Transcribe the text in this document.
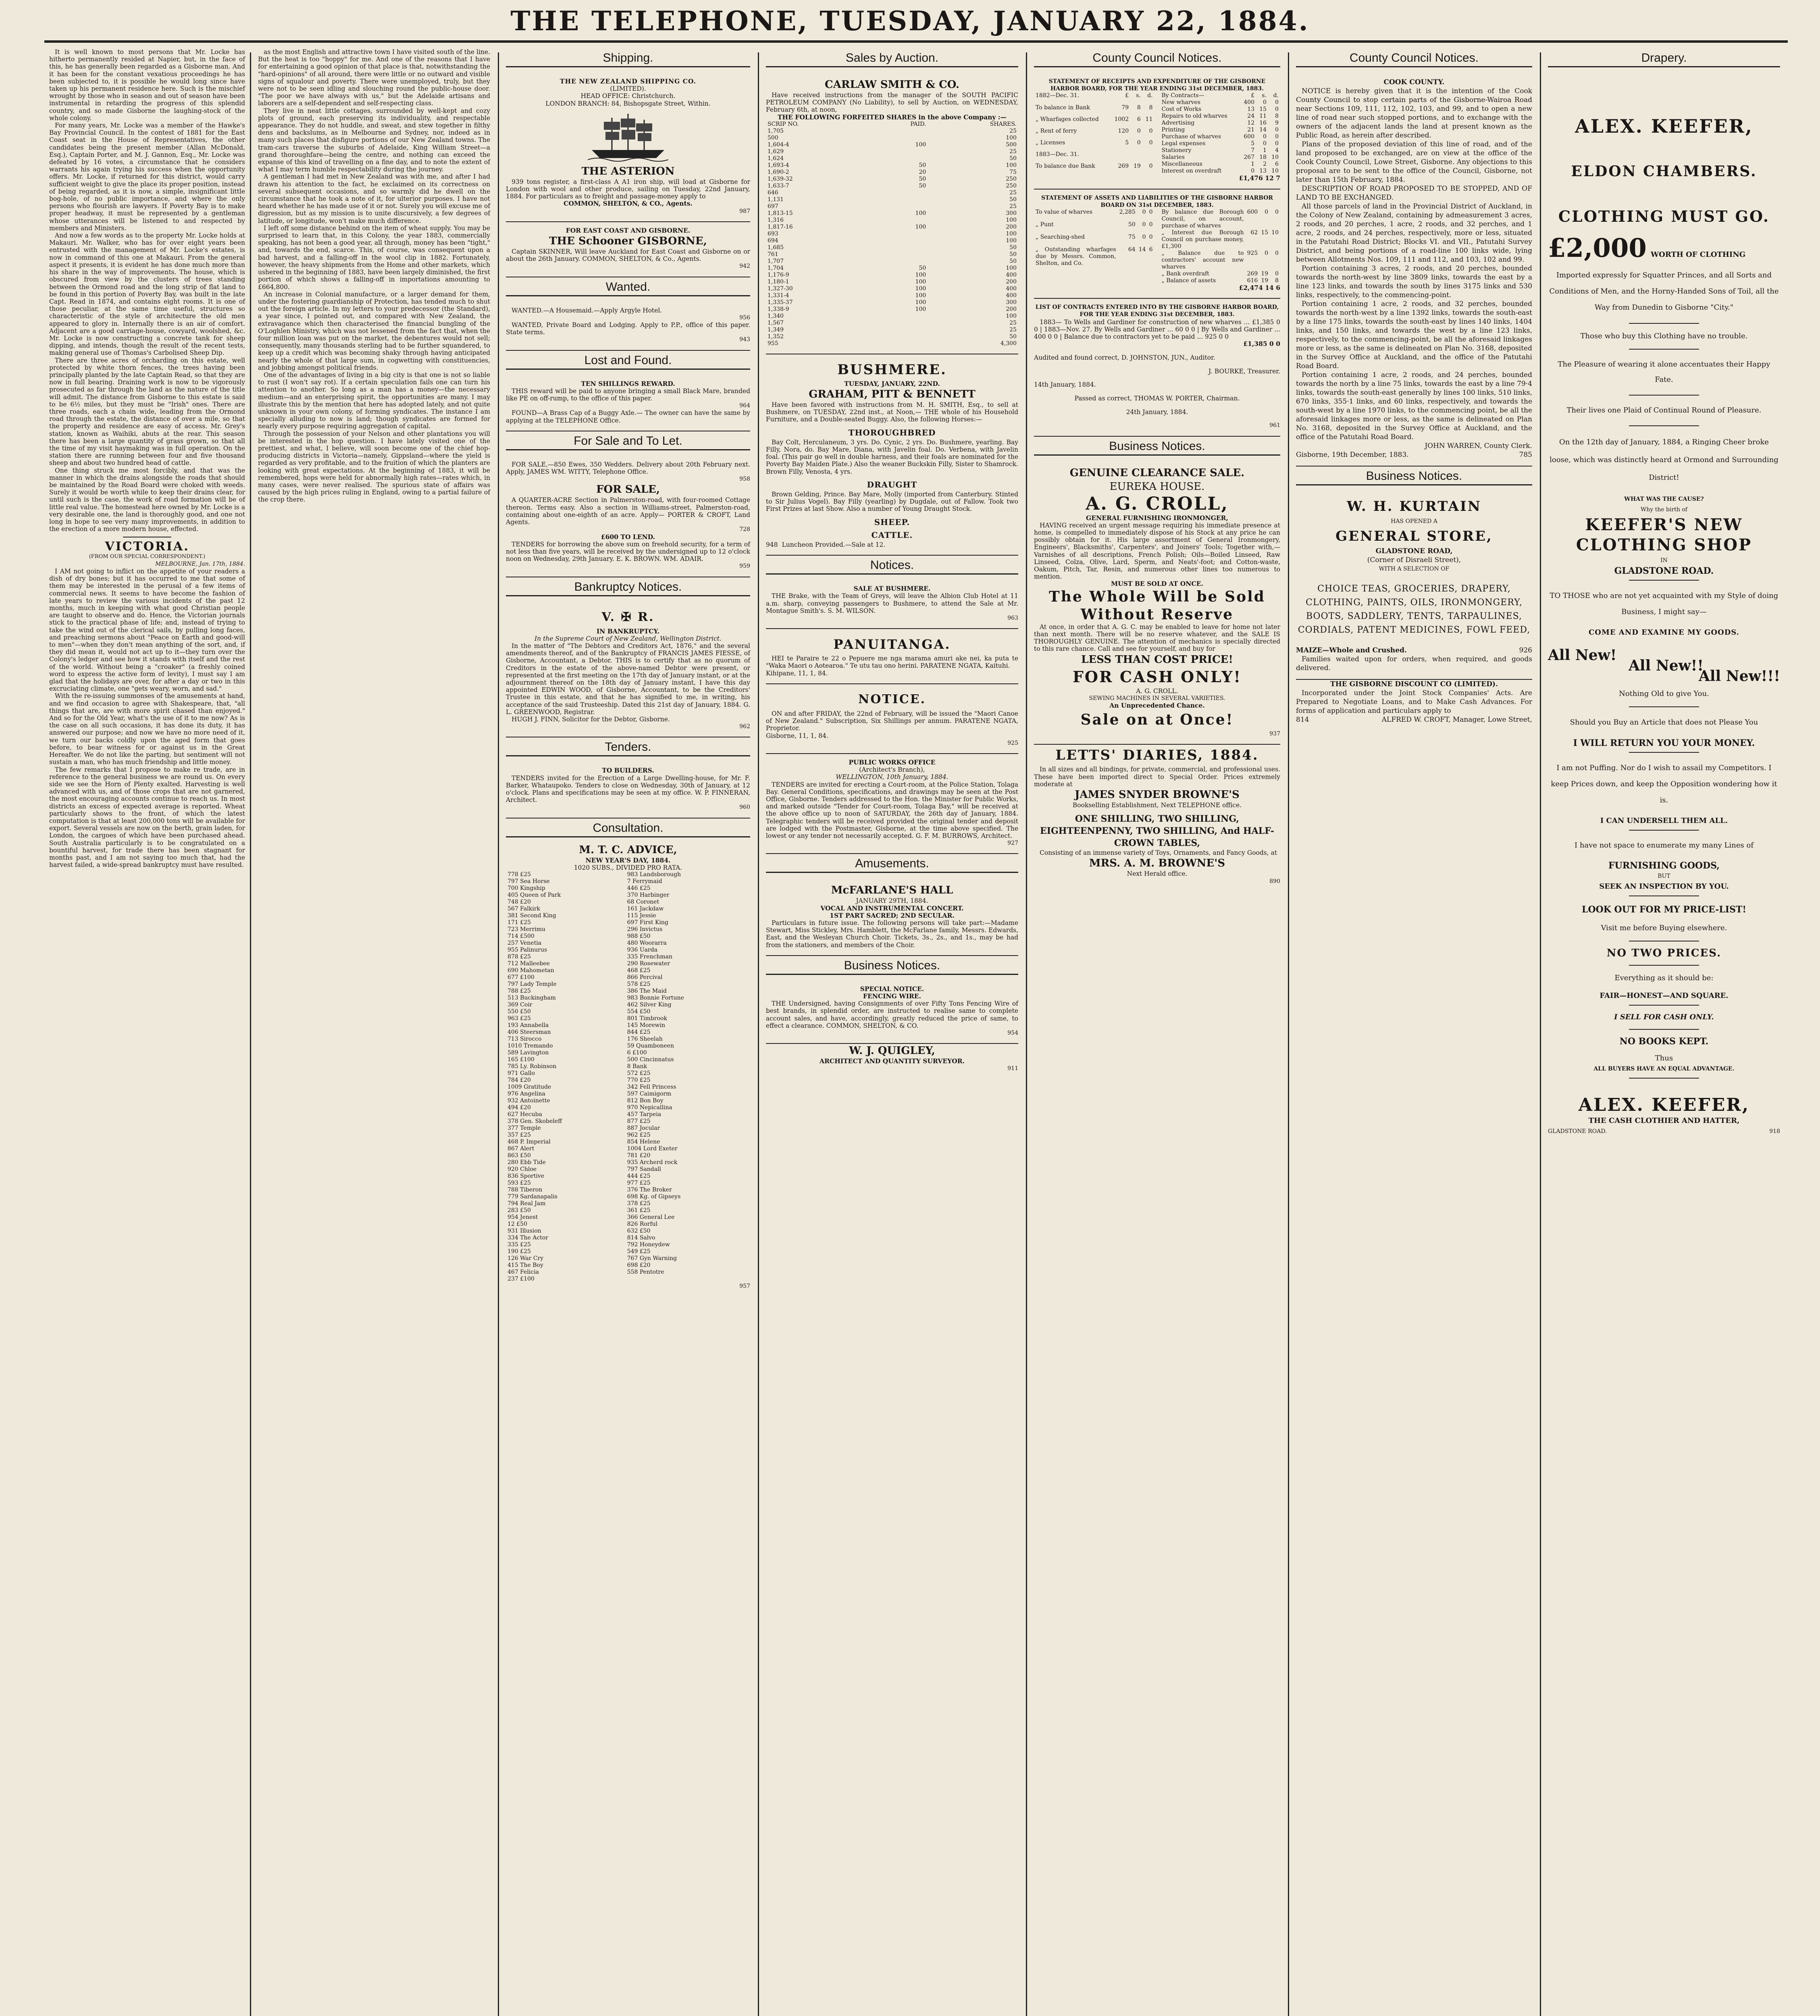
THE TELEPHONE, TUESDAY, JANUARY 22, 1884.

It is well known to most persons that Mr. Locke has hitherto permanently resided at Napier, but, in the face of this, he has generally been regarded as a Gisborne man. And it has been for the constant vexatious proceedings he has been subjected to, it is possible he would long since have taken up his permanent residence here. Such is the mischief wrought by those who in season and out of season have been instrumental in retarding the progress of this splendid country, and so made Gisborne the laughing-stock of the whole colony.

For many years, Mr. Locke was a member of the Hawke's Bay Provincial Council. In the contest of 1881 for the East Coast seat in the House of Representatives, the other candidates being the present member (Allan McDonald, Esq.), Captain Porter, and M. J. Gannon, Esq., Mr. Locke was defeated by 16 votes, a circumstance that he considers warrants his again trying his success when the opportunity offers. Mr. Locke, if returned for this district, would carry sufficient weight to give the place its proper position, instead of being regarded, as it is now, a simple, insignificant little bog-hole, of no public importance, and where the only persons who flourish are lawyers. If Poverty Bay is to make proper headway, it must be represented by a gentleman whose utterances will be listened to and respected by members and Ministers.

And now a few words as to the property Mr. Locke holds at Makauri. Mr. Walker, who has for over eight years been entrusted with the management of Mr. Locke's estates, is now in command of this one at Makauri. From the general aspect it presents, it is evident he has done much more than his share in the way of improvements. The house, which is obscured from view by the clusters of trees standing between the Ormond road and the long strip of flat land to be found in this portion of Poverty Bay, was built in the late Capt. Read in 1874, and contains eight rooms. It is one of those peculiar, at the same time useful, structures so characteristic of the style of architecture the old men appeared to glory in. Internally there is an air of comfort. Adjacent are a good carriage-house, cowyard, woolshed, &c. Mr. Locke is now constructing a concrete tank for sheep dipping, and intends, though the result of the recent tests, making general use of Thomas's Carbolised Sheep Dip.

There are three acres of orcharding on this estate, well protected by white thorn fences, the trees having been principally planted by the late Captain Read, so that they are now in full bearing. Draining work is now to be vigorously prosecuted as far through the land as the nature of the title will admit. The distance from Gisborne to this estate is said to be 6½ miles, but they must be "Irish" ones. There are three roads, each a chain wide, leading from the Ormond road through the estate, the distance of over a mile, so that the property and residence are easy of access. Mr. Grey's station, known as Waihiki, abuts at the rear. This season there has been a large quantity of grass grown, so that all the time of my visit haymaking was in full operation. On the station there are running between four and five thousand sheep and about two hundred head of cattle.

One thing struck me most forcibly, and that was the manner in which the drains alongside the roads that should be maintained by the Road Board were choked with weeds. Surely it would be worth while to keep their drains clear, for until such is the case, the work of road formation will be of little real value. The homestead here owned by Mr. Locke is a very desirable one, the land is thoroughly good, and one not long in hope to see very many improvements, in addition to the erection of a more modern house, effected.

VICTORIA.
(FROM OUR SPECIAL CORRESPONDENT.)
MELBOURNE, Jan. 17th, 1884.

I AM not going to inflict on the appetite of your readers a dish of dry bones; but it has occurred to me that some of them may be interested in the perusal of a few items of commercial news. It seems to have become the fashion of late years to review the various incidents of the past 12 months, much in keeping with what good Christian people are taught to observe and do. Hence, the Victorian journals stick to the practical phase of life; and, instead of trying to take the wind out of the clerical sails, by pulling long faces, and preaching sermons about "Peace on Earth and good-will to men"—when they don't mean anything of the sort, and, if they did mean it, would not act up to it—they turn over the Colony's ledger and see how it stands with itself and the rest of the world. Without being a "croaker" (a freshly coined word to express the active form of levity), I must say I am glad that the holidays are over, for after a day or two in this excruciating climate, one "gets weary, worn, and sad."

With the re-issuing summonses of the amusements at hand, and we find occasion to agree with Shakespeare, that, "all things that are, are with more spirit chased than enjoyed." And so for the Old Year, what's the use of it to me now? As is the case on all such occasions, it has done its duty, it has answered our purpose; and now we have no more need of it, we turn our backs coldly upon the aged form that goes before, to bear witness for or against us in the Great Hereafter. We do not like the parting, but sentiment will not sustain a man, who has much friendship and little money.

The few remarks that I propose to make re trade, are in reference to the general business we are round us. On every side we see the Horn of Plenty exalted. Harvesting is well advanced with us, and of those crops that are not garnered, the most encouraging accounts continue to reach us. In most districts an excess of expected average is reported. Wheat particularly shows to the front, of which the latest computation is that at least 200,000 tons will be available for export. Several vessels are now on the berth, grain laden, for London, the cargoes of which have been purchased ahead. South Australia particularly is to be congratulated on a bountiful harvest, for trade there has been stagnant for months past, and I am not saying too much that, had the harvest failed, a wide-spread bankruptcy must have resulted.

as the most English and attractive town I have visited south of the line. But the heat is too "hoppy" for me. And one of the reasons that I have for entertaining a good opinion of that place is that, notwithstanding the "hard-opinions" of all around, there were little or no outward and visible signs of squalour and poverty. There were unemployed, truly, but they were not to be seen idling and slouching round the public-house door. "The poor we have always with us," but the Adelaide artisans and laborers are a self-dependent and self-respecting class.

They live in neat little cottages, surrounded by well-kept and cozy plots of ground, each preserving its individuality, and respectable appearance. They do not huddle, and sweat, and stew together in filthy dens and backslums, as in Melbourne and Sydney, nor, indeed as in many such places that disfigure portions of our New Zealand towns. The tram-cars traverse the suburbs of Adelaide, King William Street—a grand thoroughfare—being the centre, and nothing can exceed the expanse of this kind of travelling on a fine day, and to note the extent of what I may term humble respectability during the journey.

A gentleman I had met in New Zealand was with me, and after I had drawn his attention to the fact, he exclaimed on its correctness on several subsequent occasions, and so warmly did he dwell on the circumstance that he took a note of it, for ulterior purposes. I have not heard whether he has made use of it or not. Surely you will excuse me of digression, but as my mission is to unite discursively, a few degrees of latitude, or longitude, won't make much difference.

I left off some distance behind on the item of wheat supply. You may be surprised to learn that, in this Colony, the year 1883, commercially speaking, has not been a good year, all through, money has been "tight," and, towards the end, scarce. This, of course, was consequent upon a bad harvest, and a falling-off in the wool clip in 1882. Fortunately, however, the heavy shipments from the Home and other markets, which ushered in the beginning of 1883, have been largely diminished, the first portion of which shows a falling-off in importations amounting to £664,800.

An increase in Colonial manufacture, or a larger demand for them, under the fostering guardianship of Protection, has tended much to shut out the foreign article. In my letters to your predecessor (the Standard), a year since, I pointed out, and compared with New Zealand, the extravagance which then characterised the financial bungling of the O'Loghlen Ministry, which was not lessened from the fact that, when the four million loan was put on the market, the debentures would not sell; consequently, many thousands sterling had to be further squandered, to keep up a credit which was becoming shaky through having anticipated nearly the whole of that large sum, in cogwetting with constituencies, and jobbing amongst political friends.

One of the advantages of living in a big city is that one is not so liable to rust (I won't say rot). If a certain speculation fails one can turn his attention to another. So long as a man has a money—the necessary medium—and an enterprising spirit, the opportunities are many. I may illustrate this by the mention that here has adopted lately, and not quite unknown in your own colony, of forming syndicates. The instance I am specially alluding to now is land; though syndicates are formed for nearly every purpose requiring aggregation of capital.

Through the possession of your Nelson and other plantations you will be interested in the hop question. I have lately visited one of the prettiest, and what, I believe, will soon become one of the chief hop-producing districts in Victoria—namely, Gippsland—where the yield is regarded as very profitable, and to the fruition of which the planters are looking with great expectations. At the beginning of 1883, it will be remembered, hops were held for abnormally high rates—rates which, in many cases, were never realised. The spurious state of affairs was caused by the high prices ruling in England, owing to a partial failure of the crop there.

Shipping.
THE NEW ZEALAND SHIPPING CO.
(LIMITED).
HEAD OFFICE: Christchurch.
LONDON BRANCH: 84, Bishopsgate Street, Within.
THE ASTERION

939 tons register, a first-class A A1 iron ship, will load at Gisborne for London with wool and other produce, sailing on Tuesday, 22nd January, 1884. For particulars as to freight and passage-money apply to

COMMON, SHELTON, & CO., Agents.
987
FOR EAST COAST AND GISBORNE.
THE Schooner GISBORNE,

Captain SKINNER, Will leave Auckland for East Coast and Gisborne on or about the 26th January. COMMON, SHELTON, & Co., Agents.

942
Wanted.

WANTED.—A Housemaid.—Apply Argyle Hotel.

956

WANTED, Private Board and Lodging. Apply to P.P., office of this paper. State terms.

943
Lost and Found.
TEN SHILLINGS REWARD.

THIS reward will be paid to anyone bringing a small Black Mare, branded like PE on off-rump, to the office of this paper.

964

FOUND—A Brass Cap of a Buggy Axle.— The owner can have the same by applying at the TELEPHONE Office.

For Sale and To Let.

FOR SALE,—850 Ewes, 350 Wedders. Delivery about 20th February next. Apply, JAMES WM. WITTY, Telephone Office.

958
FOR SALE,

A QUARTER-ACRE Section in Palmerston-road, with four-roomed Cottage thereon. Terms easy. Also a section in Williams-street, Palmerston-road, containing about one-eighth of an acre. Apply— PORTER & CROFT, Land Agents.

728
£600 TO LEND.

TENDERS for borrowing the above sum on freehold security, for a term of not less than five years, will be received by the undersigned up to 12 o'clock noon on Wednesday, 29th January. E. K. BROWN. WM. ADAIR.

959
Bankruptcy Notices.
V. ✠ R.
IN BANKRUPTCY.
In the Supreme Court of New Zealand, Wellington District.

In the matter of "The Debtors and Creditors Act, 1876," and the several amendments thereof, and of the Bankruptcy of FRANCIS JAMES FIESSE, of Gisborne, Accountant, a Debtor. THIS is to certify that as no quorum of Creditors in the estate of the above-named Debtor were present, or represented at the first meeting on the 17th day of January instant, or at the adjournment thereof on the 18th day of January instant, I have this day appointed EDWIN WOOD, of Gisborne, Accountant, to be the Creditors' Trustee in this estate, and that he has signified to me, in writing, his acceptance of the said Trusteeship. Dated this 21st day of January, 1884. G. L. GREENWOOD, Registrar.

HUGH J. FINN, Solicitor for the Debtor, Gisborne.

962
Tenders.
TO BUILDERS.

TENDERS invited for the Erection of a Large Dwelling-house, for Mr. F. Barker, Whataupoko. Tenders to close on Wednesday, 30th of January, at 12 o'clock. Plans and specifications may be seen at my office. W. P. FINNERAN, Architect.

960
Consultation.
M. T. C. ADVICE,
NEW YEAR'S DAY, 1884.
1020 SUBS., DIVIDED PRO RATA.
778 £25	983 Landsborough
797 Sea Horse	7 Ferrymaid
700 Kingship	446 £25
405 Queen of Park	370 Harbinger
748 £20	68 Coronet
567 Falkirk	161 Jackdaw
381 Second King	115 Jessie
171 £25	697 First King
723 Merrimu	296 Invictus
714 £500	988 £50
257 Venetia	480 Woorarra
955 Palinurus	936 Uarda
878 £25	335 Frenchman
712 Malleebee	290 Rosewater
690 Mahometan	468 £25
677 £100	866 Percival
797 Lady Temple	578 £25
788 £25	386 The Maid
513 Buckingham	983 Bonnie Fortune
369 Coir	462 Silver King
550 £50	554 £50
963 £25	801 Timbrook
193 Annabella	145 Morewin
406 Steersman	844 £25
713 Sirocco	176 Sheelah
1010 Tremando	59 Quamboneen
589 Lavington	6 £100
165 £100	500 Cincinnatus
785 Ly. Robinson	8 Bank
971 Gallo	572 £25
784 £20	770 £25
1009 Gratitude	342 Fell Princess
976 Angelina	597 Caimigorm
932 Antoinette	812 Bon Boy
494 £20	970 Nepicallina
627 Hecuba	457 Tarpeia
378 Gen. Skobeleff	877 £25
377 Temple	887 Jocular
357 £25	962 £25
468 P. Imperial	854 Helene
867 Alert	1004 Lord Exeter
863 £50	781 £20
280 Ebb Tide	935 Archerd rock
920 Chloe	797 Sandall
836 Sportive	444 £25
593 £25	977 £25
788 Tiberon	376 The Broker
779 Sardanapalis	698 Kg. of Gipseys
794 Real Jam	378 £25
283 £50	361 £25
954 Jenest	366 General Lee
12 £50	826 Rorful
931 Illusion	632 £50
334 The Actor	814 Salvo
335 £25	792 Honeydew
190 £25	549 £25
126 War Cry	767 Gyn Warning
415 The Boy	698 £20
467 Felicia	558 Pentotre
237 £100	
957
Sales by Auction.
CARLAW SMITH & CO.

Have received instructions from the manager of the SOUTH PACIFIC PETROLEUM COMPANY (No Liability), to sell by Auction, on WEDNESDAY, February 6th, at noon,

THE FOLLOWING FORFEITED SHARES in the above Company :—
SCRIP NO.	PAID.	SHARES.
1,705		25
500		100
1,604-4	100	500
1,629		25
1,624		50
1,693-4	50	100
1,690-2	20	75
1,639-32	50	250
1,633-7	50	250
646		25
1,131		50
697		25
1,813-15	100	300
1,316		100
1,817-16	100	200
693		100
694		100
1,685		50
761		50
1,707		50
1,704	50	100
1,176-9	100	400
1,180-1	100	200
1,327-30	100	400
1,331-4	100	400
1,335-37	100	300
1,338-9	100	200
1,340		100
1,567		25
1,349		25
1,352		50
955		4,300
BUSHMERE.
TUESDAY, JANUARY, 22ND.
GRAHAM, PITT & BENNETT

Have been favored with instructions from M. H. SMITH, Esq., to sell at Bushmere, on TUESDAY, 22nd inst., at Noon,— THE whole of his Household Furniture, and a Double-seated Buggy. Also, the following Horses:—

THOROUGHBRED

Bay Colt, Herculaneum, 3 yrs. Do. Cynic, 2 yrs. Do. Bushmere, yearling. Bay Filly, Nora, do. Bay Mare, Diana, with Javelin foal. Do. Verbena, with Javelin foal. (This pair go well in double harness, and their foals are nominated for the Poverty Bay Maiden Plate.) Also the weaner Buckskin Filly, Sister to Shamrock. Brown Filly, Venosta, 4 yrs.

DRAUGHT

Brown Gelding, Prince. Bay Mare, Molly (imported from Canterbury. Stinted to Sir Julius Vogel). Bay Filly (yearling) by Dugdale, out of Fallow. Took two First Prizes at last Show. Also a number of Young Draught Stock.

SHEEP.
CATTLE.
948 Luncheon Provided.—Sale at 12.
Notices.
SALE AT BUSHMERE.

THE Brake, with the Team of Greys, will leave the Albion Club Hotel at 11 a.m. sharp, conveying passengers to Bushmere, to attend the Sale at Mr. Montague Smith's. S. M. WILSON.

963
PANUITANGA.

HEI te Paraire te 22 o Pepuere me nga marama amuri ake nei, ka puta te "Waka Maori o Aotearoa." Te utu tau ono herini. PARATENE NGATA, Kaituhi.

Kihipane, 11, 1, 84.
NOTICE.

ON and after FRIDAY, the 22nd of February, will be issued the "Maori Canoe of New Zealand." Subscription, Six Shillings per annum. PARATENE NGATA, Proprietor.

Gisborne, 11, 1, 84.
925
PUBLIC WORKS OFFICE
(Architect's Branch),
WELLINGTON, 10th January, 1884.

TENDERS are invited for erecting a Court-room, at the Police Station, Tolaga Bay. General Conditions, specifications, and drawings may be seen at the Post Office, Gisborne. Tenders addressed to the Hon. the Minister for Public Works, and marked outside "Tender for Court-room, Tolaga Bay," will be received at the above office up to noon of SATURDAY, the 26th day of January, 1884. Telegraphic tenders will be received provided the original tender and deposit are lodged with the Postmaster, Gisborne, at the time above specified. The lowest or any tender not necessarily accepted. G. F. M. BURROWS, Architect.

927
Amusements.
McFARLANE'S HALL
JANUARY 29TH, 1884.
VOCAL AND INSTRUMENTAL CONCERT.
1ST PART SACRED; 2ND SECULAR.

Particulars in future issue. The following persons will take part:—Madame Stewart, Miss Stickley, Mrs. Hamblett, the McFarlane family, Messrs. Edwards, East, and the Wesleyan Church Choir. Tickets, 3s., 2s., and 1s., may be had from the stationers, and members of the Choir.

Business Notices.
SPECIAL NOTICE.
FENCING WIRE.

THE Undersigned, having Consignments of over Fifty Tons Fencing Wire of best brands, in splendid order, are instructed to realise same to complete account sales, and have, accordingly, greatly reduced the price of same, to effect a clearance. COMMON, SHELTON, & CO.

954
W. J. QUIGLEY,
ARCHITECT AND QUANTITY SURVEYOR.
911
County Council Notices.
STATEMENT OF RECEIPTS AND EXPENDITURE OF THE GISBORNE HARBOR BOARD, FOR THE YEAR ENDING 31st DECEMBER, 1883.
1882—Dec. 31.	£	s.	d.
To balance in Bank	79	8	8
„ Wharfages collected	1002	6	11
„ Rent of ferry	120	0	0
„ Licenses	5	0	0
1883—Dec. 31.			
To balance due Bank	269	19	0
By Contracts—	£	s.	d.
New wharves	400	0	0
Cost of Works	13	15	0
Repairs to old wharves	24	11	8
Advertising	12	16	9
Printing	21	14	0
Purchase of wharves	600	0	0
Legal expenses	5	0	0
Stationery	7	1	4
Salaries	267	18	10
Miscellaneous	1	2	6
Interest on overdraft	0	13	10
£1,476 12 7
STATEMENT OF ASSETS AND LIABILITIES OF THE GISBORNE HARBOR BOARD ON 31st DECEMBER, 1883.
To value of wharves	2,285	0	0
„ Punt	50	0	0
„ Searching-shed	75	0	0
„ Outstanding wharfages due by Messrs. Common, Shelton, and Co.	64	14	6
By balance due Borough Council, on account, purchase of wharves	600	0	0
„ Interest due Borough Council on purchase money, £1,300	62	15	10
„ Balance due to contractors' account new wharves	925	0	0
„ Bank overdraft	269	19	0
„ Balance of assets	616	19	8
£2,474 14 6
LIST OF CONTRACTS ENTERED INTO BY THE GISBORNE HARBOR BOARD, FOR THE YEAR ENDING 31st DECEMBER, 1883.

1883— To Wells and Gardiner for construction of new wharves ... £1,385 0 0 | 1883—Nov. 27. By Wells and Gardiner ... 60 0 0 | By Wells and Gardiner ... 400 0 0 | Balance due to contractors yet to be paid ... 925 0 0

£1,385 0 0

Audited and found correct, D. JOHNSTON, JUN., Auditor.

J. BOURKE, Treasurer.

14th January, 1884.

Passed as correct, THOMAS W. PORTER, Chairman.

24th January, 1884.

961
Business Notices.
GENUINE CLEARANCE SALE.
EUREKA HOUSE.
A. G. CROLL,
GENERAL FURNISHING IRONMONGER,

HAVING received an urgent message requiring his immediate presence at home, is compelled to immediately dispose of his Stock at any price he can possibly obtain for it. His large assortment of General Ironmongery, Engineers', Blacksmiths', Carpenters', and Joiners' Tools; Together with,— Varnishes of all descriptions, French Polish; Oils—Boiled Linseed, Raw Linseed, Colza, Olive, Lard, Sperm, and Neats'-foot; and Cotton-waste, Oakum, Pitch, Tar, Resin, and numerous other lines too numerous to mention.

MUST BE SOLD AT ONCE.
The Whole Will be Sold Without Reserve

At once, in order that A. G. C. may be enabled to leave for home not later than next month. There will be no reserve whatever, and the SALE IS THOROUGHLY GENUINE. The attention of mechanics is specially directed to this rare chance. Call and see for yourself, and buy for

LESS THAN COST PRICE!
FOR CASH ONLY!
A. G. CROLL.
SEWING MACHINES IN SEVERAL VARIETIES.
An Unprecedented Chance.
Sale on at Once!
937
LETTS' DIARIES, 1884.

In all sizes and all bindings, for private, commercial, and professional uses. These have been imported direct to Special Order. Prices extremely moderate at

JAMES SNYDER BROWNE'S
Bookselling Establishment, Next TELEPHONE office.
ONE SHILLING, TWO SHILLING, EIGHTEENPENNY, TWO SHILLING, And HALF-CROWN TABLES,

Consisting of an immense variety of Toys, Ornaments, and Fancy Goods, at

MRS. A. M. BROWNE'S
Next Herald office.
890
County Council Notices.
COOK COUNTY.

NOTICE is hereby given that it is the intention of the Cook County Council to stop certain parts of the Gisborne-Wairoa Road near Sections 109, 111, 112, 102, 103, and 99, and to open a new line of road near such stopped portions, and to exchange with the owners of the adjacent lands the land at present known as the Public Road, as herein after described.

Plans of the proposed deviation of this line of road, and of the land proposed to be exchanged, are on view at the office of the Cook County Council, Lowe Street, Gisborne. Any objections to this proposal are to be sent to the office of the Council, Gisborne, not later than 15th February, 1884.

DESCRIPTION OF ROAD PROPOSED TO BE STOPPED, AND OF LAND TO BE EXCHANGED.

All those parcels of land in the Provincial District of Auckland, in the Colony of New Zealand, containing by admeasurement 3 acres, 2 roods, and 20 perches, 1 acre, 2 roods, and 32 perches, and 1 acre, 2 roods, and 24 perches, respectively, more or less, situated in the Patutahi Road District; Blocks VI. and VII., Patutahi Survey District, and being portions of a road-line 100 links wide, lying between Allotments Nos. 109, 111 and 112, and 103, 102 and 99.

Portion containing 3 acres, 2 roods, and 20 perches, bounded towards the north-west by line 3809 links, towards the east by a line 123 links, and towards the south by lines 3175 links and 530 links, respectively, to the commencing-point.

Portion containing 1 acre, 2 roods, and 32 perches, bounded towards the north-west by a line 1392 links, towards the south-east by a line 175 links, towards the south-east by lines 140 links, 1404 links, and 150 links, and towards the west by a line 123 links, respectively, to the commencing-point, be all the aforesaid linkages more or less, as the same is delineated on Plan No. 3168, deposited in the Survey Office at Auckland, and the office of the Patutahi Road Board.

Portion containing 1 acre, 2 roods, and 24 perches, bounded towards the north by a line 75 links, towards the east by a line 79·4 links, towards the south-east generally by lines 100 links, 510 links, 670 links, 355·1 links, and 60 links, respectively, and towards the south-west by a line 1970 links, to the commencing point, be all the aforesaid linkages more or less, as the same is delineated on Plan No. 3168, deposited in the Survey Office at Auckland, and the office of the Patutahi Road Board.

JOHN WARREN, County Clerk.
Gisborne, 19th December, 1883.	785
Business Notices.
W. H. KURTAIN
HAS OPENED A
GENERAL STORE,
GLADSTONE ROAD,
(Corner of Disraeli Street),
WITH A SELECTION OF

CHOICE TEAS, GROCERIES, DRAPERY, CLOTHING, PAINTS, OILS, IRONMONGERY, BOOTS, SADDLERY, TENTS, TARPAULINES, CORDIALS, PATENT MEDICINES, FOWL FEED,

MAIZE—Whole and Crushed.	926

Families waited upon for orders, when required, and goods delivered.

THE GISBORNE DISCOUNT CO (LIMITED).

Incorporated under the Joint Stock Companies' Acts. Are Prepared to Negotiate Loans, and to Make Cash Advances. For forms of application and particulars apply to

814	ALFRED W. CROFT, Manager, Lowe Street,
Drapery.
ALEX. KEEFER,
ELDON CHAMBERS.
CLOTHING MUST GO.
£2,000 WORTH OF CLOTHING

Imported expressly for Squatter Princes, and all Sorts and Conditions of Men, and the Horny-Handed Sons of Toil, all the Way from Dunedin to Gisborne "City."

Those who buy this Clothing have no trouble.

The Pleasure of wearing it alone accentuates their Happy Fate.

Their lives one Plaid of Continual Round of Pleasure.

On the 12th day of January, 1884, a Ringing Cheer broke loose, which was distinctly heard at Ormond and Surrounding District!

WHAT WAS THE CAUSE?
Why the birth of
KEEFER'S NEW CLOTHING SHOP
IN
GLADSTONE ROAD.

TO THOSE who are not yet acquainted with my Style of doing Business, I might say—

COME AND EXAMINE MY GOODS.
All New!
All New!!
All New!!!

Nothing Old to give You.

Should you Buy an Article that does not Please You

I WILL RETURN YOU YOUR MONEY.

I am not Puffing. Nor do I wish to assail my Competitors. I keep Prices down, and keep the Opposition wondering how it is.

I CAN UNDERSELL THEM ALL.

I have not space to enumerate my many Lines of

FURNISHING GOODS,
BUT
SEEK AN INSPECTION BY YOU.
LOOK OUT FOR MY PRICE-LIST!

Visit me before Buying elsewhere.

NO TWO PRICES.

Everything as it should be:

FAIR—HONEST—AND SQUARE.
I SELL FOR CASH ONLY.
NO BOOKS KEPT.
Thus
ALL BUYERS HAVE AN EQUAL ADVANTAGE.
ALEX. KEEFER,
THE CASH CLOTHIER AND HATTER,
GLADSTONE ROAD.	918
